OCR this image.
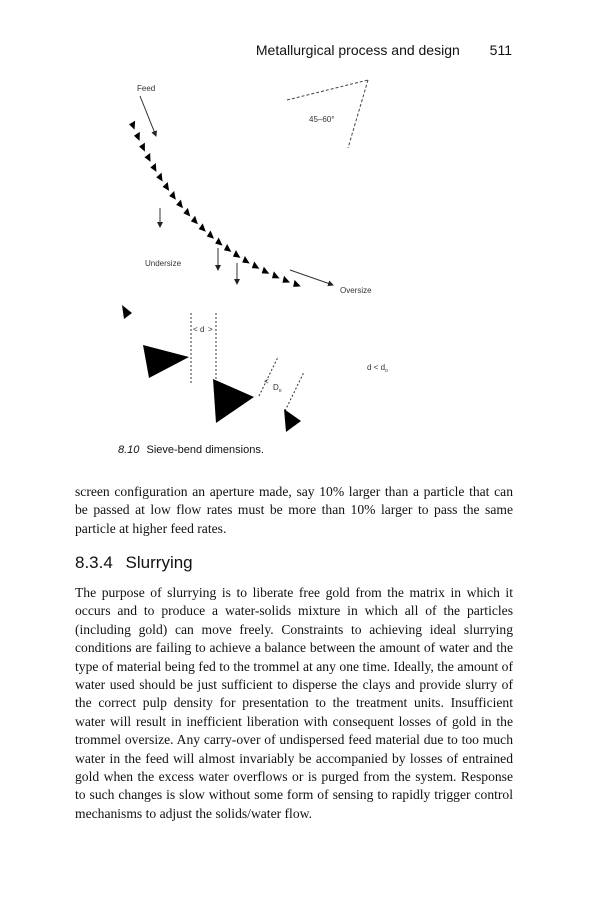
Metallurgical process and design 511
Feed
45–60°
Undersize
Oversize
< >
d
<
$D_o$
$d < d_o$
8.10 Sieve-bend dimensions.

screen configuration an aperture made, say 10% larger than a particle that can be passed at low flow rates must be more than 10% larger to pass the same particle at higher feed rates.

8.3.4 Slurrying

The purpose of slurrying is to liberate free gold from the matrix in which it occurs and to produce a water-solids mixture in which all of the particles (including gold) can move freely. Constraints to achieving ideal slurrying conditions are failing to achieve a balance between the amount of water and the type of material being fed to the trommel at any one time. Ideally, the amount of water used should be just sufficient to disperse the clays and provide slurry of the correct pulp density for presentation to the treatment units. Insufficient water will result in inefficient liberation with consequent losses of gold in the trommel oversize. Any carry-over of undispersed feed material due to too much water in the feed will almost invariably be accompanied by losses of entrained gold when the excess water overflows or is purged from the system. Response to such changes is slow without some form of sensing to rapidly trigger control mechanisms to adjust the solids/water flow.
